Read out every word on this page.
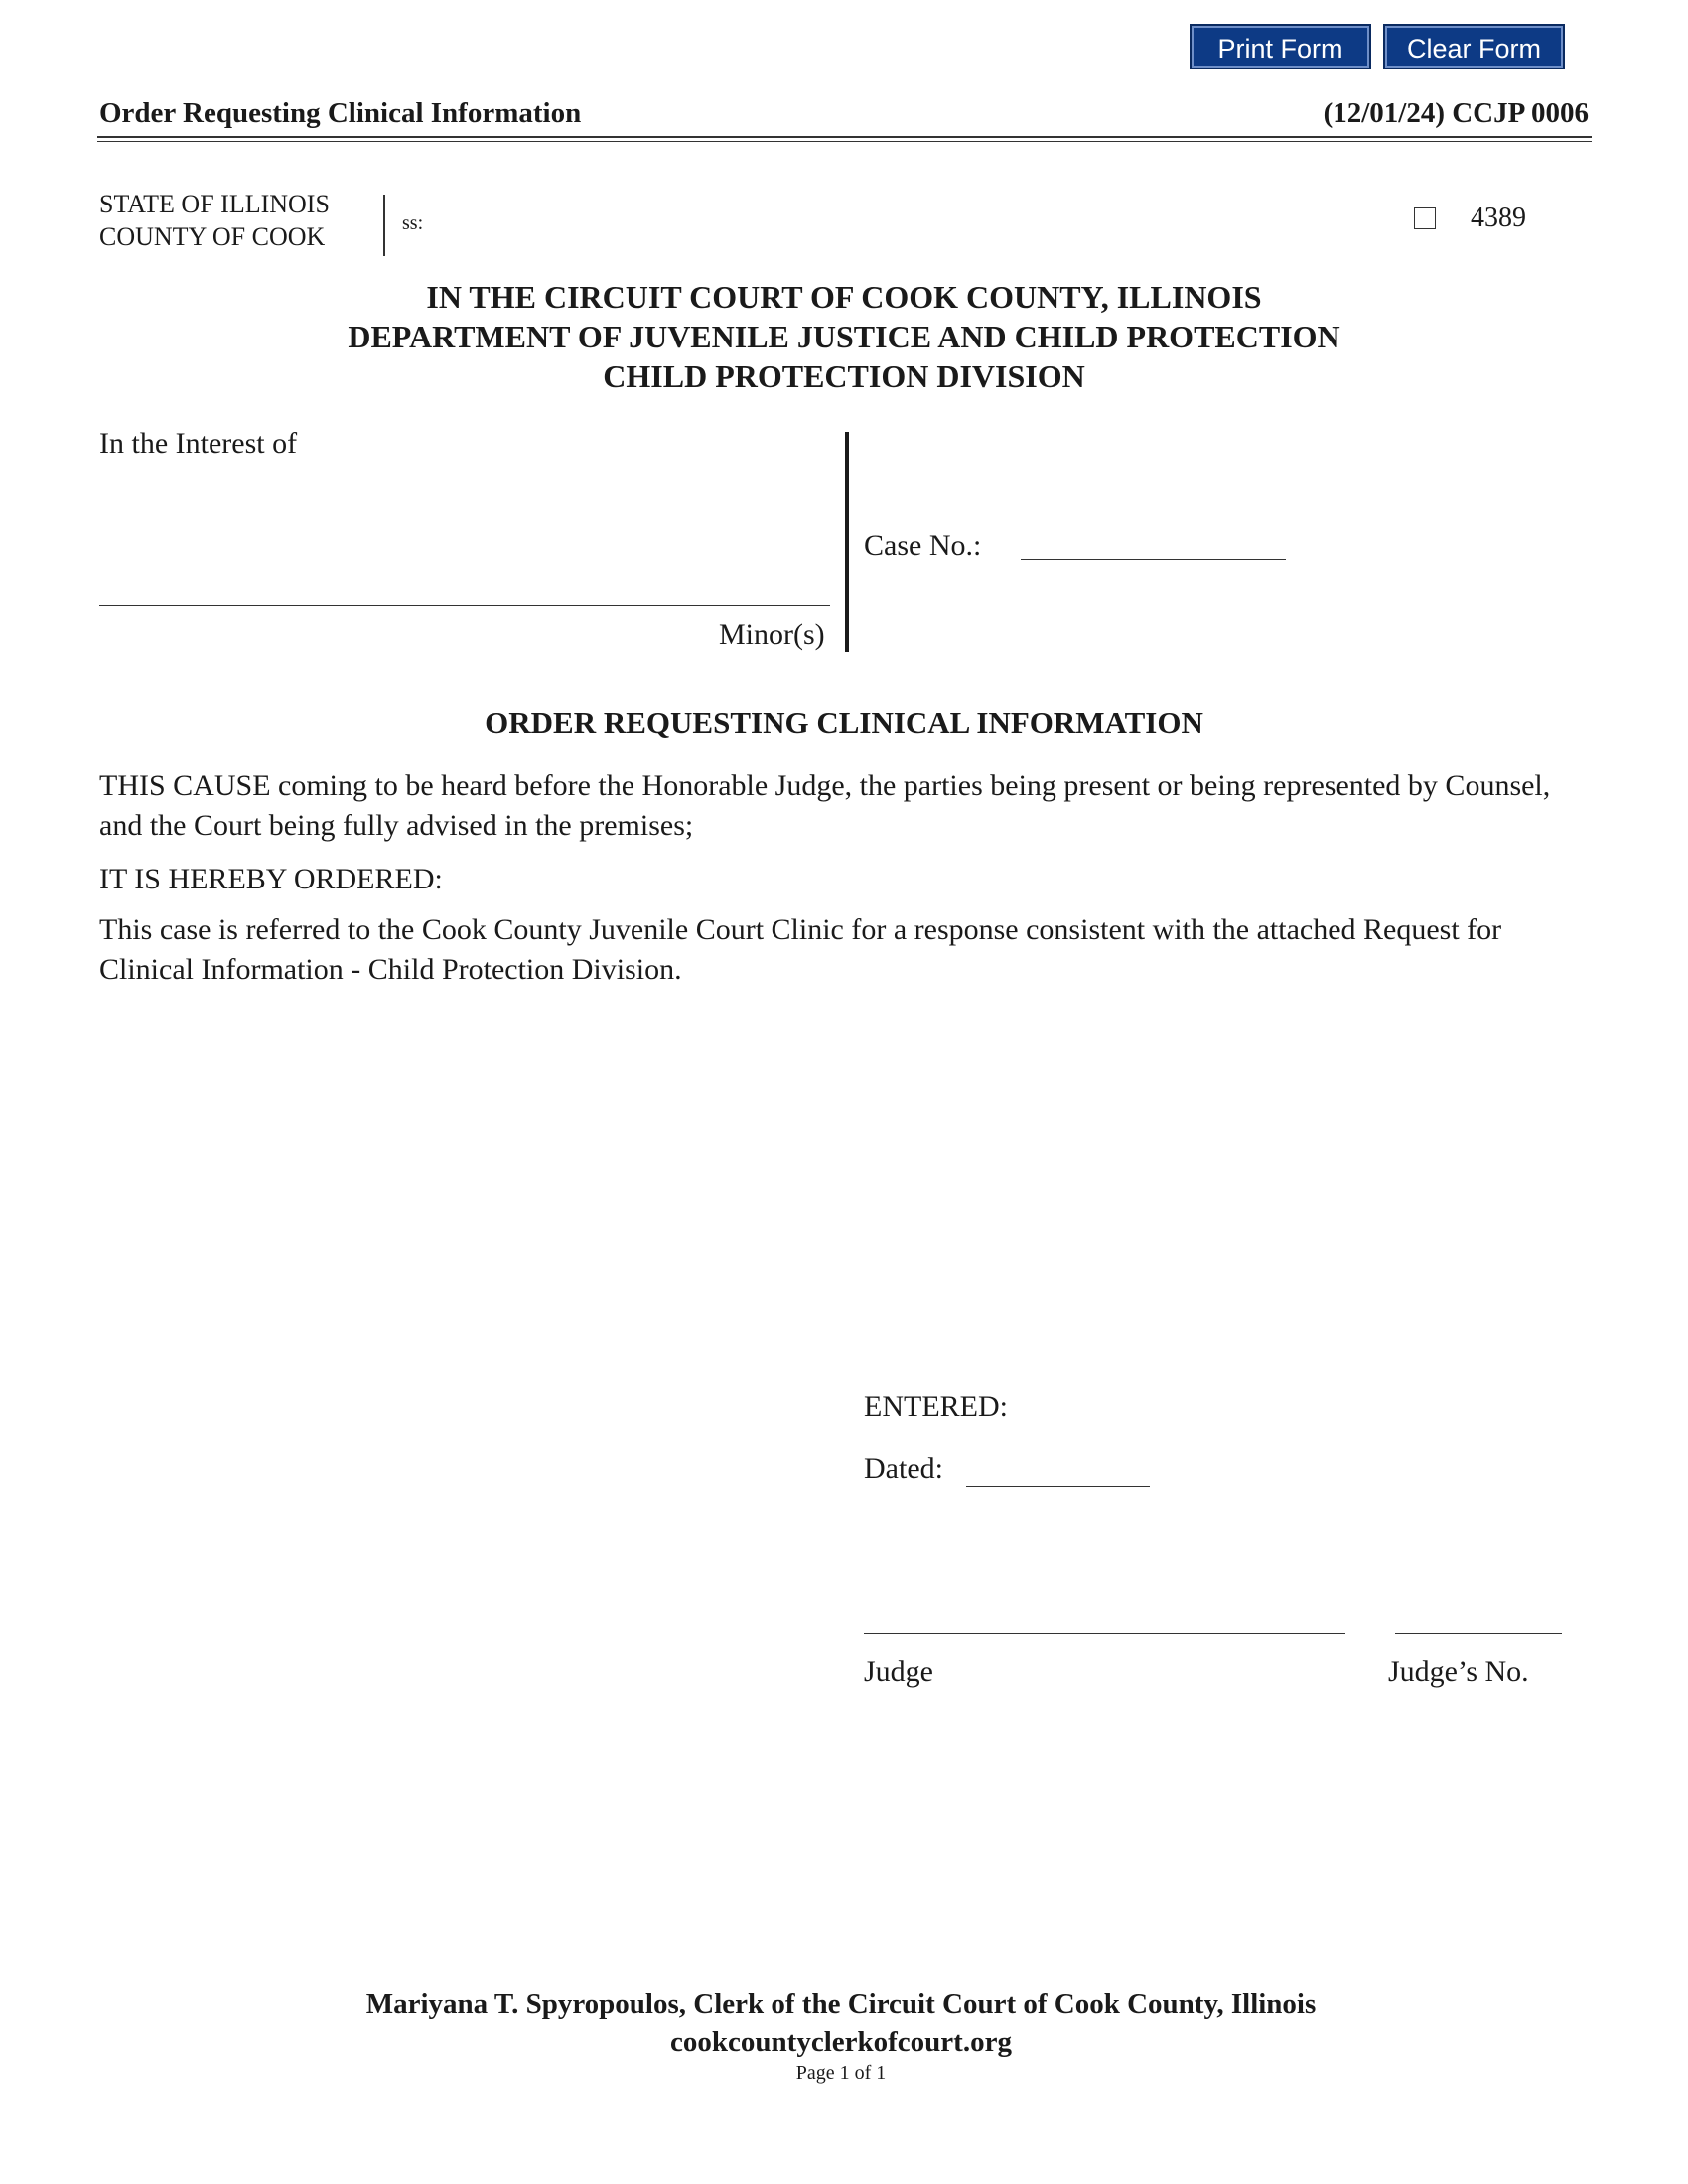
Print Form	Clear Form
Order Requesting Clinical Information	(12/01/24) CCJP 0006
STATE OF ILLINOIS
COUNTY OF COOK	ss:	4389
IN THE CIRCUIT COURT OF COOK COUNTY, ILLINOIS
DEPARTMENT OF JUVENILE JUSTICE AND CHILD PROTECTION
CHILD PROTECTION DIVISION
In the Interest of
Minor(s)
Case No.:
ORDER REQUESTING CLINICAL INFORMATION
THIS CAUSE coming to be heard before the Honorable Judge, the parties being present or being represented by Counsel, and the Court being fully advised in the premises;
IT IS HEREBY ORDERED:
This case is referred to the Cook County Juvenile Court Clinic for a response consistent with the attached Request for Clinical Information - Child Protection Division.
ENTERED:
Dated:
Judge	Judge’s No.
Mariyana T. Spyropoulos, Clerk of the Circuit Court of Cook County, Illinois
cookcountyclerkofcourt.org
Page 1 of 1
